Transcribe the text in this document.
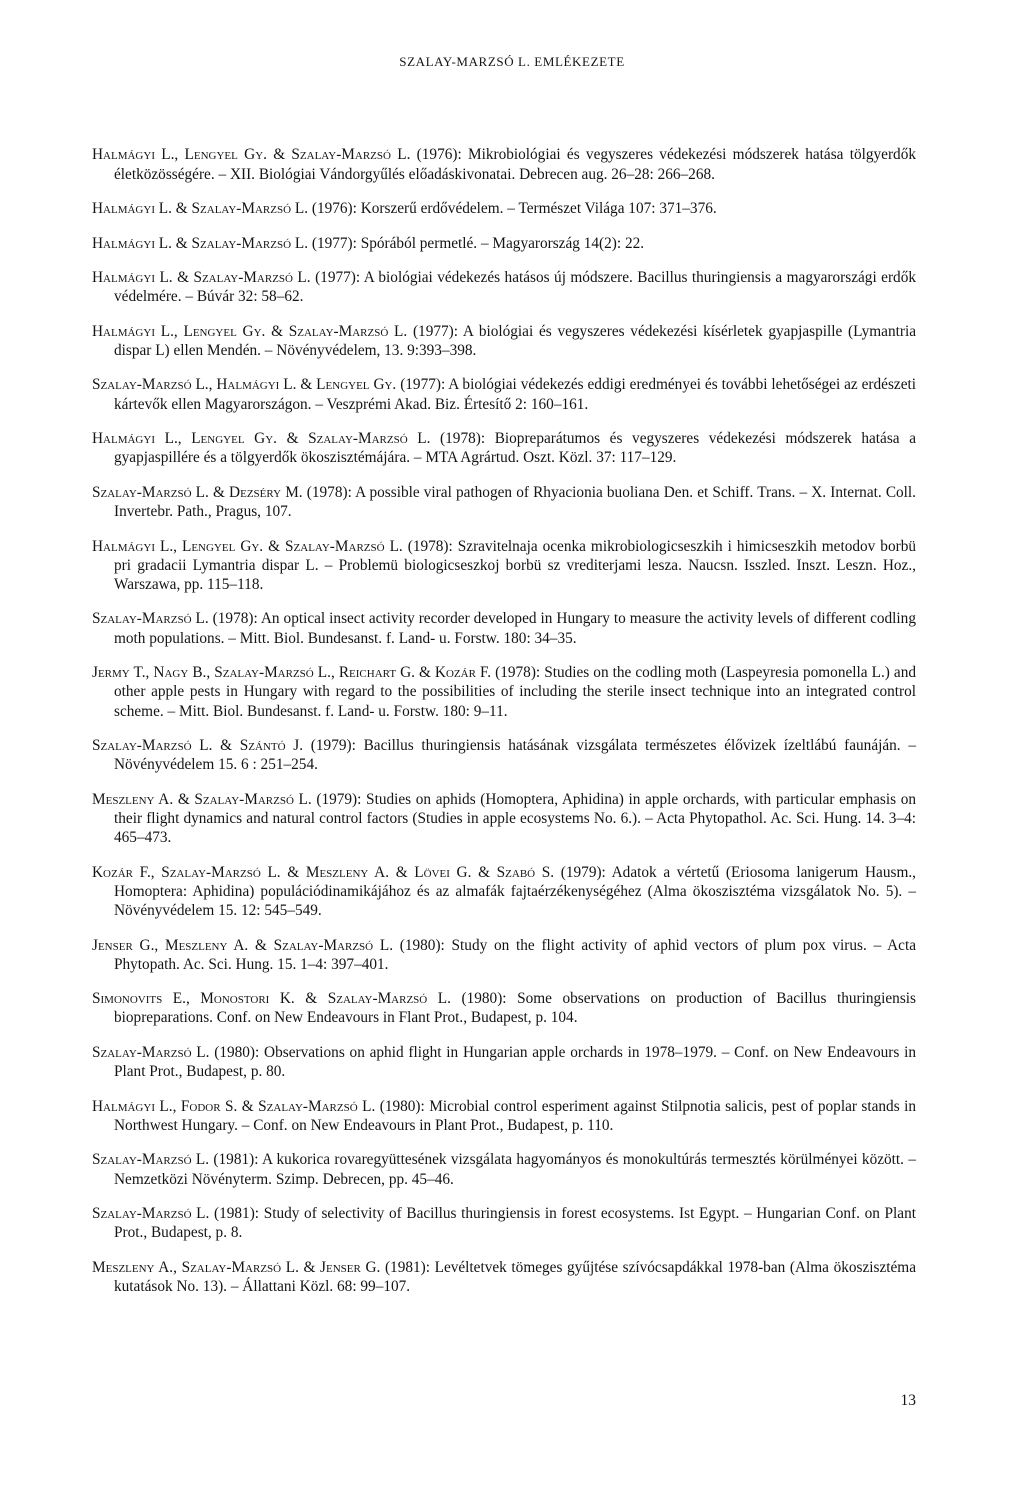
SZALAY-MARZSÓ L. EMLÉKEZETE

Halmágyi L., Lengyel Gy. & Szalay-Marzsó L. (1976): Mikrobiológiai és vegyszeres védekezési módszerek hatása tölgyerdők életközösségére. – XII. Biológiai Vándorgyűlés előadáskivonatai. Debrecen aug. 26–28: 266–268.

Halmágyi L. & Szalay-Marzsó L. (1976): Korszerű erdővédelem. – Természet Világa 107: 371–376.

Halmágyi L. & Szalay-Marzsó L. (1977): Spórából permetlé. – Magyarország 14(2): 22.

Halmágyi L. & Szalay-Marzsó L. (1977): A biológiai védekezés hatásos új módszere. Bacillus thuringiensis a magyarországi erdők védelmére. – Búvár 32: 58–62.

Halmágyi L., Lengyel Gy. & Szalay-Marzsó L. (1977): A biológiai és vegyszeres védekezési kísérletek gyapjaspille (Lymantria dispar L) ellen Mendén. – Növényvédelem, 13. 9:393–398.

Szalay-Marzsó L., Halmágyi L. & Lengyel Gy. (1977): A biológiai védekezés eddigi eredményei és további lehetőségei az erdészeti kártevők ellen Magyarországon. – Veszprémi Akad. Biz. Értesítő 2: 160–161.

Halmágyi L., Lengyel Gy. & Szalay-Marzsó L. (1978): Biopreparátumos és vegyszeres védekezési módszerek hatása a gyapjaspillére és a tölgyerdők ökoszisztémájára. – MTA Agrártud. Oszt. Közl. 37: 117–129.

Szalay-Marzsó L. & Dezséry M. (1978): A possible viral pathogen of Rhyacionia buoliana Den. et Schiff. Trans. – X. Internat. Coll. Invertebr. Path., Pragus, 107.

Halmágyi L., Lengyel Gy. & Szalay-Marzsó L. (1978): Szravitelnaja ocenka mikrobiologicseszkih i himicseszkih metodov borbü pri gradacii Lymantria dispar L. – Problemü biologicseszkoj borbü sz vrediterjami lesza. Naucsn. Isszled. Inszt. Leszn. Hoz., Warszawa, pp. 115–118.

Szalay-Marzsó L. (1978): An optical insect activity recorder developed in Hungary to measure the activity levels of different codling moth populations. – Mitt. Biol. Bundesanst. f. Land- u. Forstw. 180: 34–35.

Jermy T., Nagy B., Szalay-Marzsó L., Reichart G. & Kozár F. (1978): Studies on the codling moth (Laspeyresia pomonella L.) and other apple pests in Hungary with regard to the possibilities of including the sterile insect technique into an integrated control scheme. – Mitt. Biol. Bundesanst. f. Land- u. Forstw. 180: 9–11.

Szalay-Marzsó L. & Szántó J. (1979): Bacillus thuringiensis hatásának vizsgálata természetes élővizek ízeltlábú faunáján. – Növényvédelem 15. 6 : 251–254.

Meszleny A. & Szalay-Marzsó L. (1979): Studies on aphids (Homoptera, Aphidina) in apple orchards, with particular emphasis on their flight dynamics and natural control factors (Studies in apple ecosystems No. 6.). – Acta Phytopathol. Ac. Sci. Hung. 14. 3–4: 465–473.

Kozár F., Szalay-Marzsó L. & Meszleny A. & Lövei G. & Szabó S. (1979): Adatok a vértetű (Eriosoma lanigerum Hausm., Homoptera: Aphidina) populációdinamikájához és az almafák fajtaérzékenységéhez (Alma ökoszisztéma vizsgálatok No. 5). – Növényvédelem 15. 12: 545–549.

Jenser G., Meszleny A. & Szalay-Marzsó L. (1980): Study on the flight activity of aphid vectors of plum pox virus. – Acta Phytopath. Ac. Sci. Hung. 15. 1–4: 397–401.

Simonovits E., Monostori K. & Szalay-Marzsó L. (1980): Some observations on production of Bacillus thuringiensis biopreparations. Conf. on New Endeavours in Flant Prot., Budapest, p. 104.

Szalay-Marzsó L. (1980): Observations on aphid flight in Hungarian apple orchards in 1978–1979. – Conf. on New Endeavours in Plant Prot., Budapest, p. 80.

Halmágyi L., Fodor S. & Szalay-Marzsó L. (1980): Microbial control esperiment against Stilpnotia salicis, pest of poplar stands in Northwest Hungary. – Conf. on New Endeavours in Plant Prot., Budapest, p. 110.

Szalay-Marzsó L. (1981): A kukorica rovaregyüttesének vizsgálata hagyományos és monokultúrás termesztés körülményei között. – Nemzetközi Növényterm. Szimp. Debrecen, pp. 45–46.

Szalay-Marzsó L. (1981): Study of selectivity of Bacillus thuringiensis in forest ecosystems. Ist Egypt. – Hungarian Conf. on Plant Prot., Budapest, p. 8.

Meszleny A., Szalay-Marzsó L. & Jenser G. (1981): Levéltetvek tömeges gyűjtése szívócsapdákkal 1978-ban (Alma ökoszisztéma kutatások No. 13). – Állattani Közl. 68: 99–107.

13
